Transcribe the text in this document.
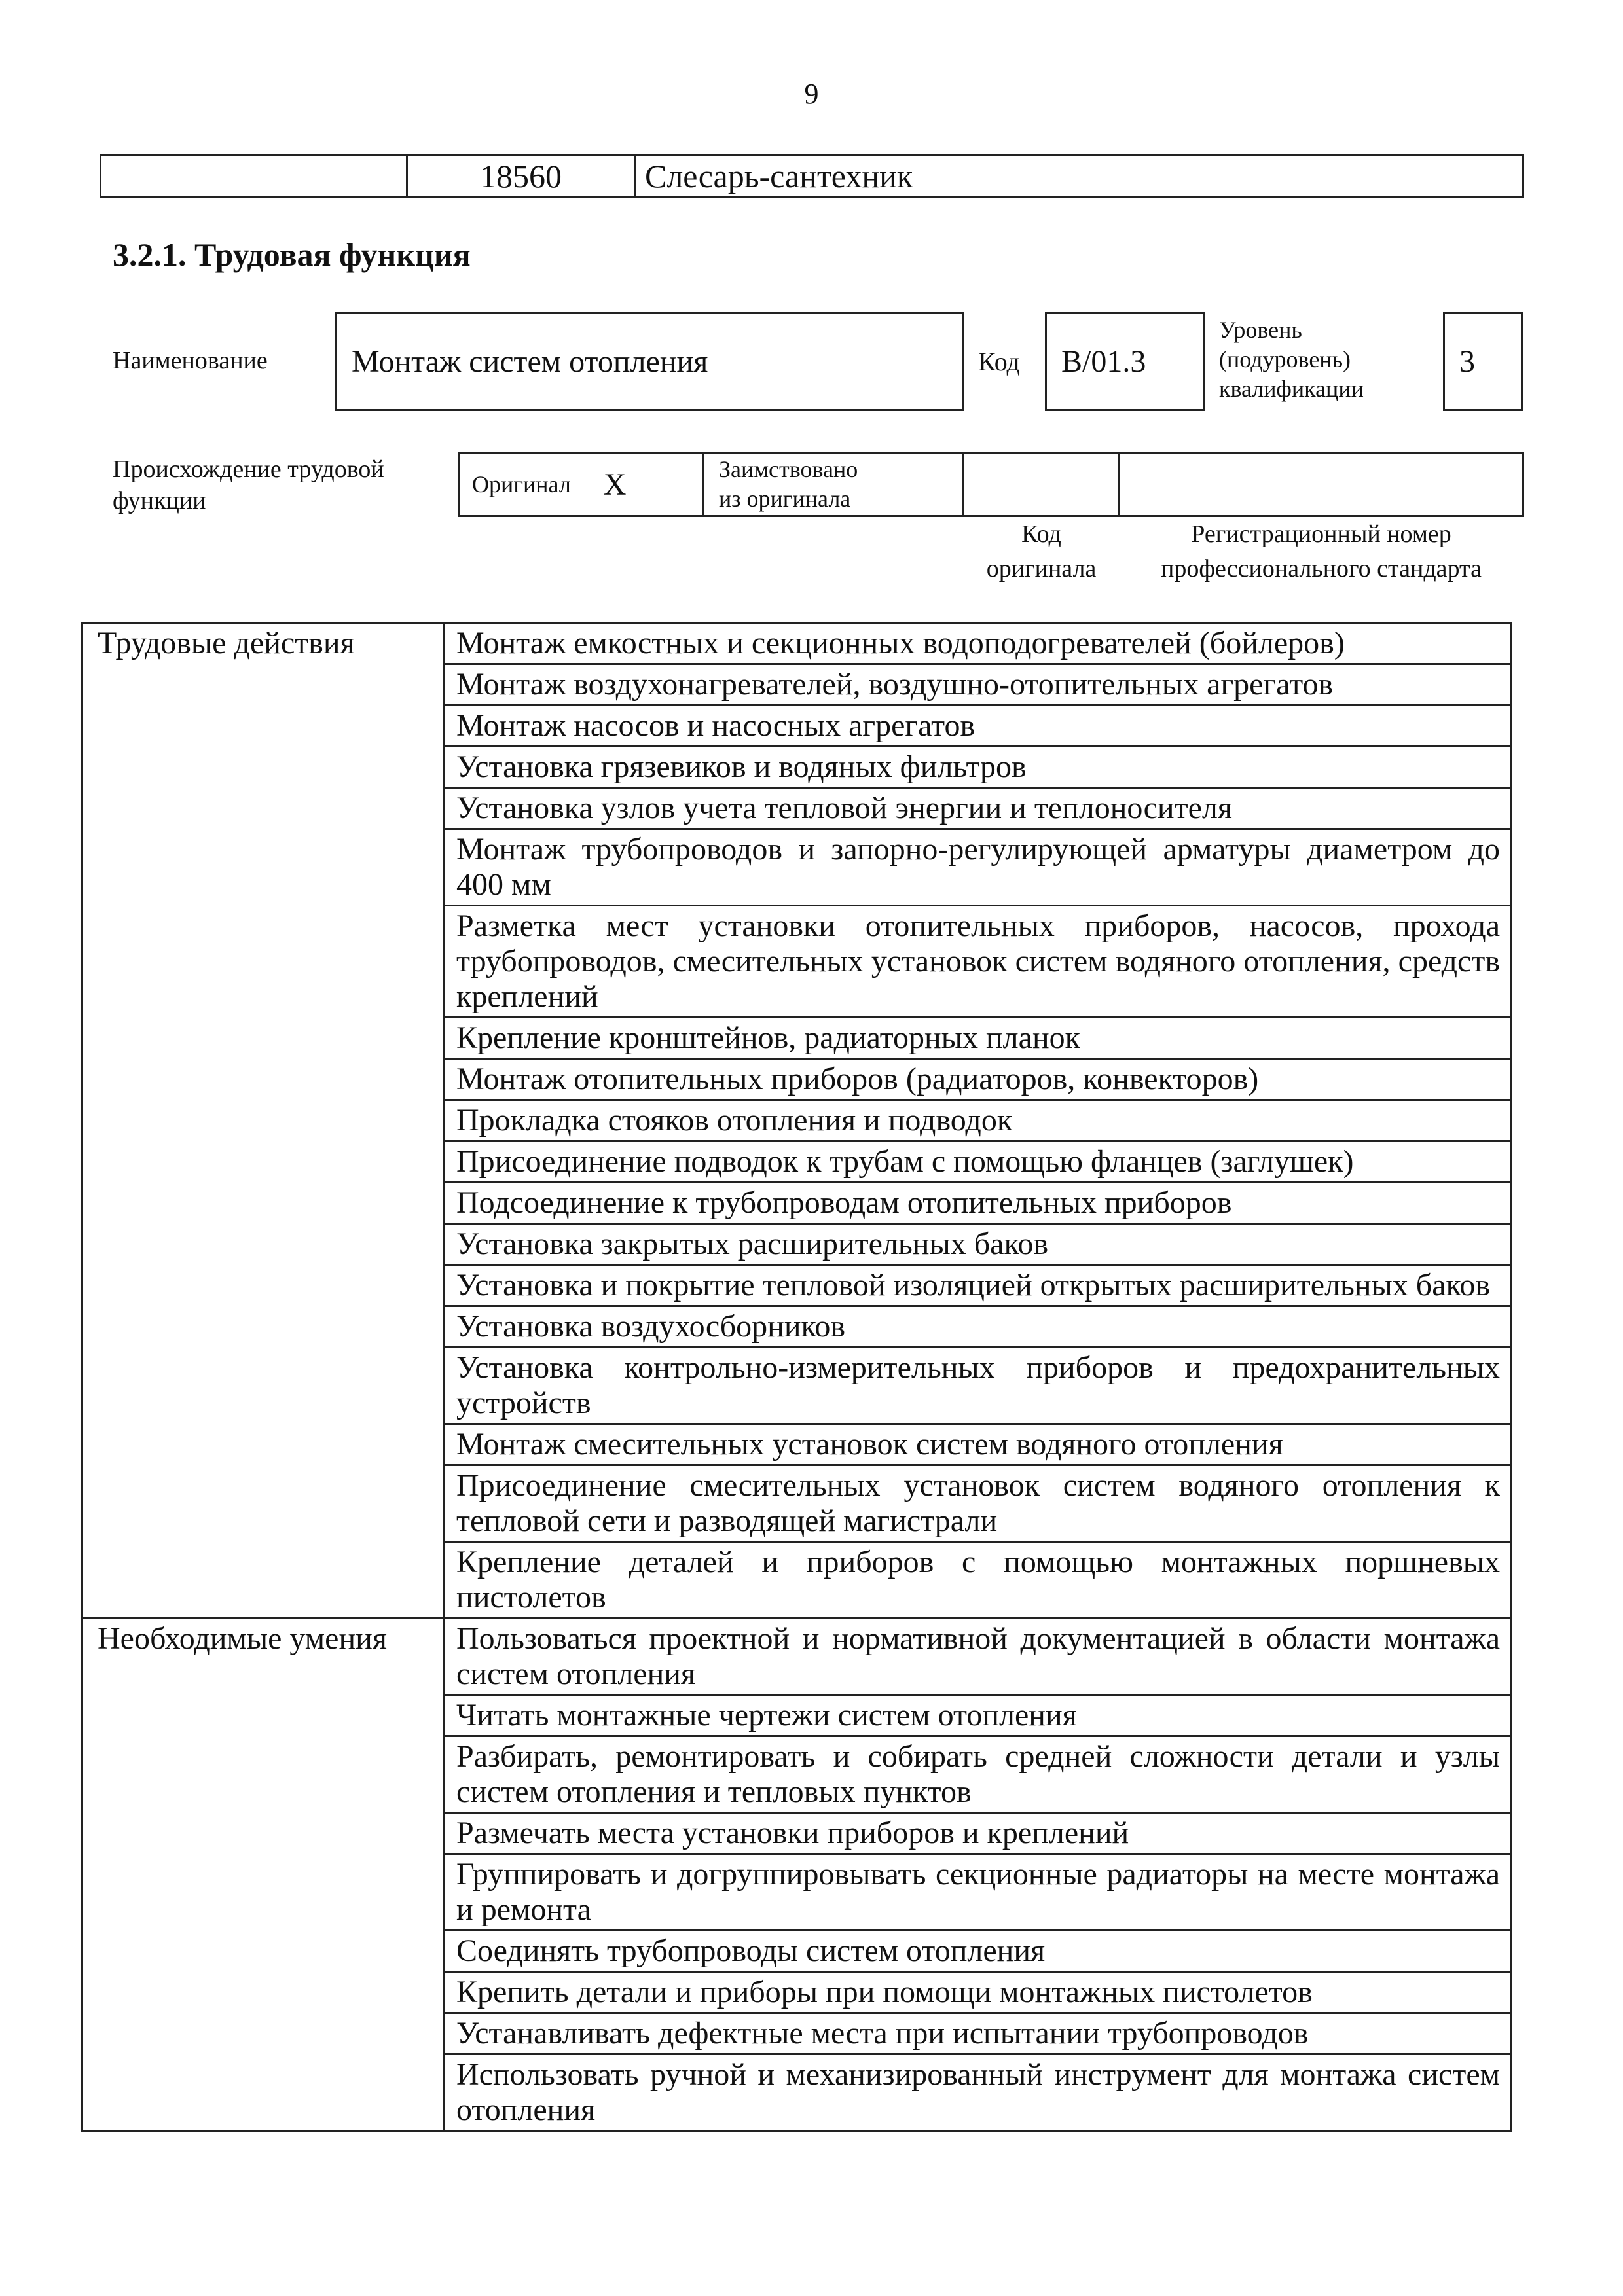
9
	18560	Слесарь-сантехник
3.2.1. Трудовая функция
Наименование	Монтаж систем отопления	Код B/01.3
Уровень
(подуровень)
квалификации
3
Происхождение трудовой
функции
Оригинал X	Заимствовано
из оригинала
Код
оригинала
Регистрационный номер
профессионального стандарта
Трудовые действия	Монтаж емкостных и секционных водоподогревателей (бойлеров)
	Монтаж воздухонагревателей, воздушно-отопительных агрегатов
	Монтаж насосов и насосных агрегатов
	Установка грязевиков и водяных фильтров
	Установка узлов учета тепловой энергии и теплоносителя
	Монтаж трубопроводов и запорно-регулирующей арматуры диаметром до 400 мм
	Разметка мест установки отопительных приборов, насосов, прохода трубопроводов, смесительных установок систем водяного отопления, средств креплений
	Крепление кронштейнов, радиаторных планок
	Монтаж отопительных приборов (радиаторов, конвекторов)
	Прокладка стояков отопления и подводок
	Присоединение подводок к трубам с помощью фланцев (заглушек)
	Подсоединение к трубопроводам отопительных приборов
	Установка закрытых расширительных баков
	Установка и покрытие тепловой изоляцией открытых расширительных баков
	Установка воздухосборников
	Установка контрольно-измерительных приборов и предохранительных устройств
	Монтаж смесительных установок систем водяного отопления
	Присоединение смесительных установок систем водяного отопления к тепловой сети и разводящей магистрали
	Крепление деталей и приборов с помощью монтажных поршневых пистолетов
Необходимые умения	Пользоваться проектной и нормативной документацией в области монтажа систем отопления
	Читать монтажные чертежи систем отопления
	Разбирать, ремонтировать и собирать средней сложности детали и узлы систем отопления и тепловых пунктов
	Размечать места установки приборов и креплений
	Группировать и догруппировывать секционные радиаторы на месте монтажа и ремонта
	Соединять трубопроводы систем отопления
	Крепить детали и приборы при помощи монтажных пистолетов
	Устанавливать дефектные места при испытании трубопроводов
	Использовать ручной и механизированный инструмент для монтажа систем отопления
